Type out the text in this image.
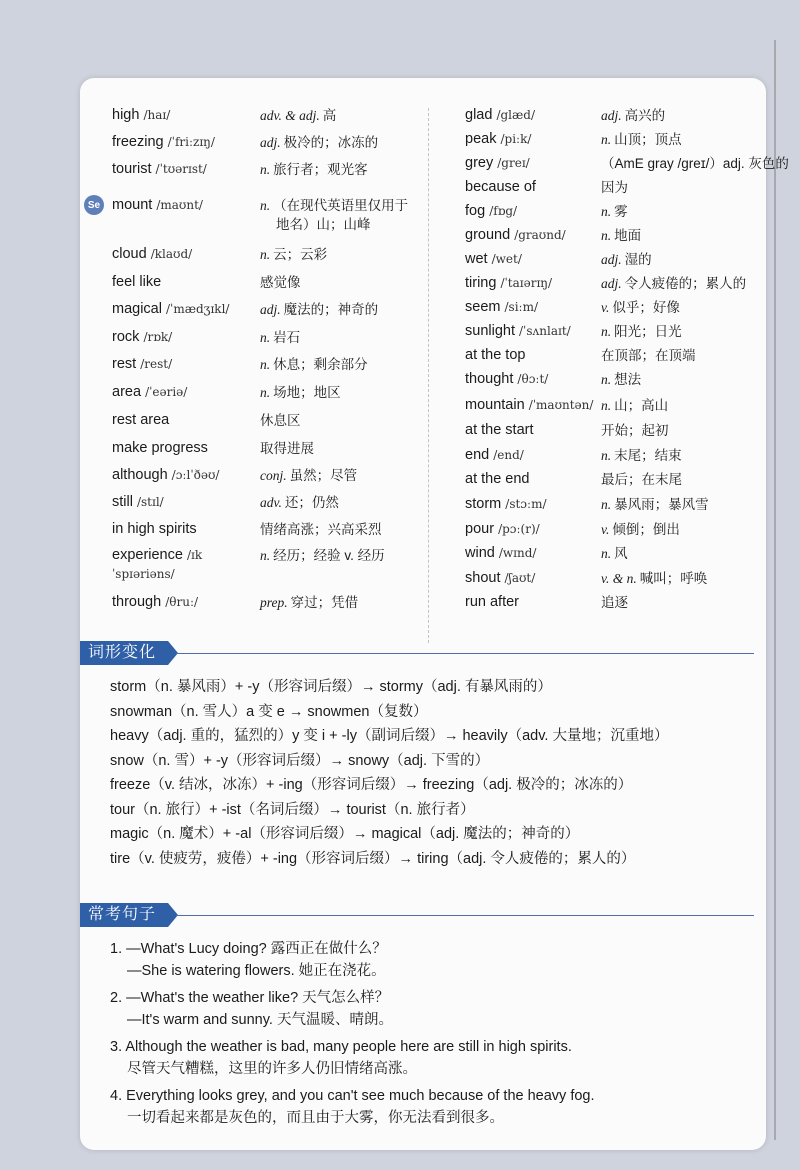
high /haɪ/	adv. & adj. 高
freezing /ˈfriːzɪŋ/	adj. 极冷的；冰冻的
tourist /ˈtʊərɪst/	n. 旅行者；观光客
Se mount /maʊnt/	n. （在现代英语里仅用于
地名）山；山峰
cloud /klaʊd/	n. 云；云彩
feel like	感觉像
magical /ˈmædʒɪkl/ adj. 魔法的；神奇的
rock /rɒk/	n. 岩石
rest /rest/	n. 休息；剩余部分
area /ˈeəriə/	n. 场地；地区
rest area	休息区
make progress	取得进展
although /ɔːlˈðəʊ/	conj. 虽然；尽管
still /stɪl/	adv. 还；仍然
in high spirits	情绪高涨；兴高采烈
experience /ɪkˈspɪəriəns/
n. 经历；经验 v. 经历
through /θruː/	prep. 穿过；凭借
glad /glæd/	adj. 高兴的
peak /piːk/	n. 山顶；顶点
grey /greɪ/	（AmE gray /greɪ/）adj. 灰色的
because of	因为
fog /fɒg/	n. 雾
ground /graʊnd/	n. 地面
wet /wet/	adj. 湿的
tiring /ˈtaɪərɪŋ/	adj. 令人疲倦的；累人的
seem /siːm/	v. 似乎；好像
sunlight /ˈsʌnlaɪt/ n. 阳光；日光
at the top	在顶部；在顶端
thought /θɔːt/	n. 想法
mountain /ˈmaʊntən/ n. 山；高山
at the start	开始；起初
end /end/	n. 末尾；结束
at the end	最后；在末尾
storm /stɔːm/	n. 暴风雨；暴风雪
pour /pɔː(r)/	v. 倾倒；倒出
wind /wɪnd/	n. 风
shout /ʃaʊt/	v. & n. 喊叫；呼唤
run after	追逐
词形变化
storm（n. 暴风雨）+ -y（形容词后缀）→ stormy（adj. 有暴风雨的）
snowman（n. 雪人）a 变 e → snowmen（复数）
heavy（adj. 重的，猛烈的）y 变 i + -ly（副词后缀）→ heavily（adv. 大量地；沉重地）
snow（n. 雪）+ -y（形容词后缀）→ snowy（adj. 下雪的）
freeze（v. 结冰，冰冻）+ -ing（形容词后缀）→ freezing（adj. 极冷的；冰冻的）
tour（n. 旅行）+ -ist（名词后缀）→ tourist（n. 旅行者）
magic（n. 魔术）+ -al（形容词后缀）→ magical（adj. 魔法的；神奇的）
tire（v. 使疲劳，疲倦）+ -ing（形容词后缀）→ tiring（adj. 令人疲倦的；累人的）
常考句子
1. —What's Lucy doing? 露西正在做什么？
—She is watering flowers. 她正在浇花。
2. —What's the weather like? 天气怎么样？
—It's warm and sunny. 天气温暖、晴朗。
3. Although the weather is bad, many people here are still in high spirits.
尽管天气糟糕，这里的许多人仍旧情绪高涨。
4. Everything looks grey, and you can't see much because of the heavy fog.
一切看起来都是灰色的，而且由于大雾，你无法看到很多。
